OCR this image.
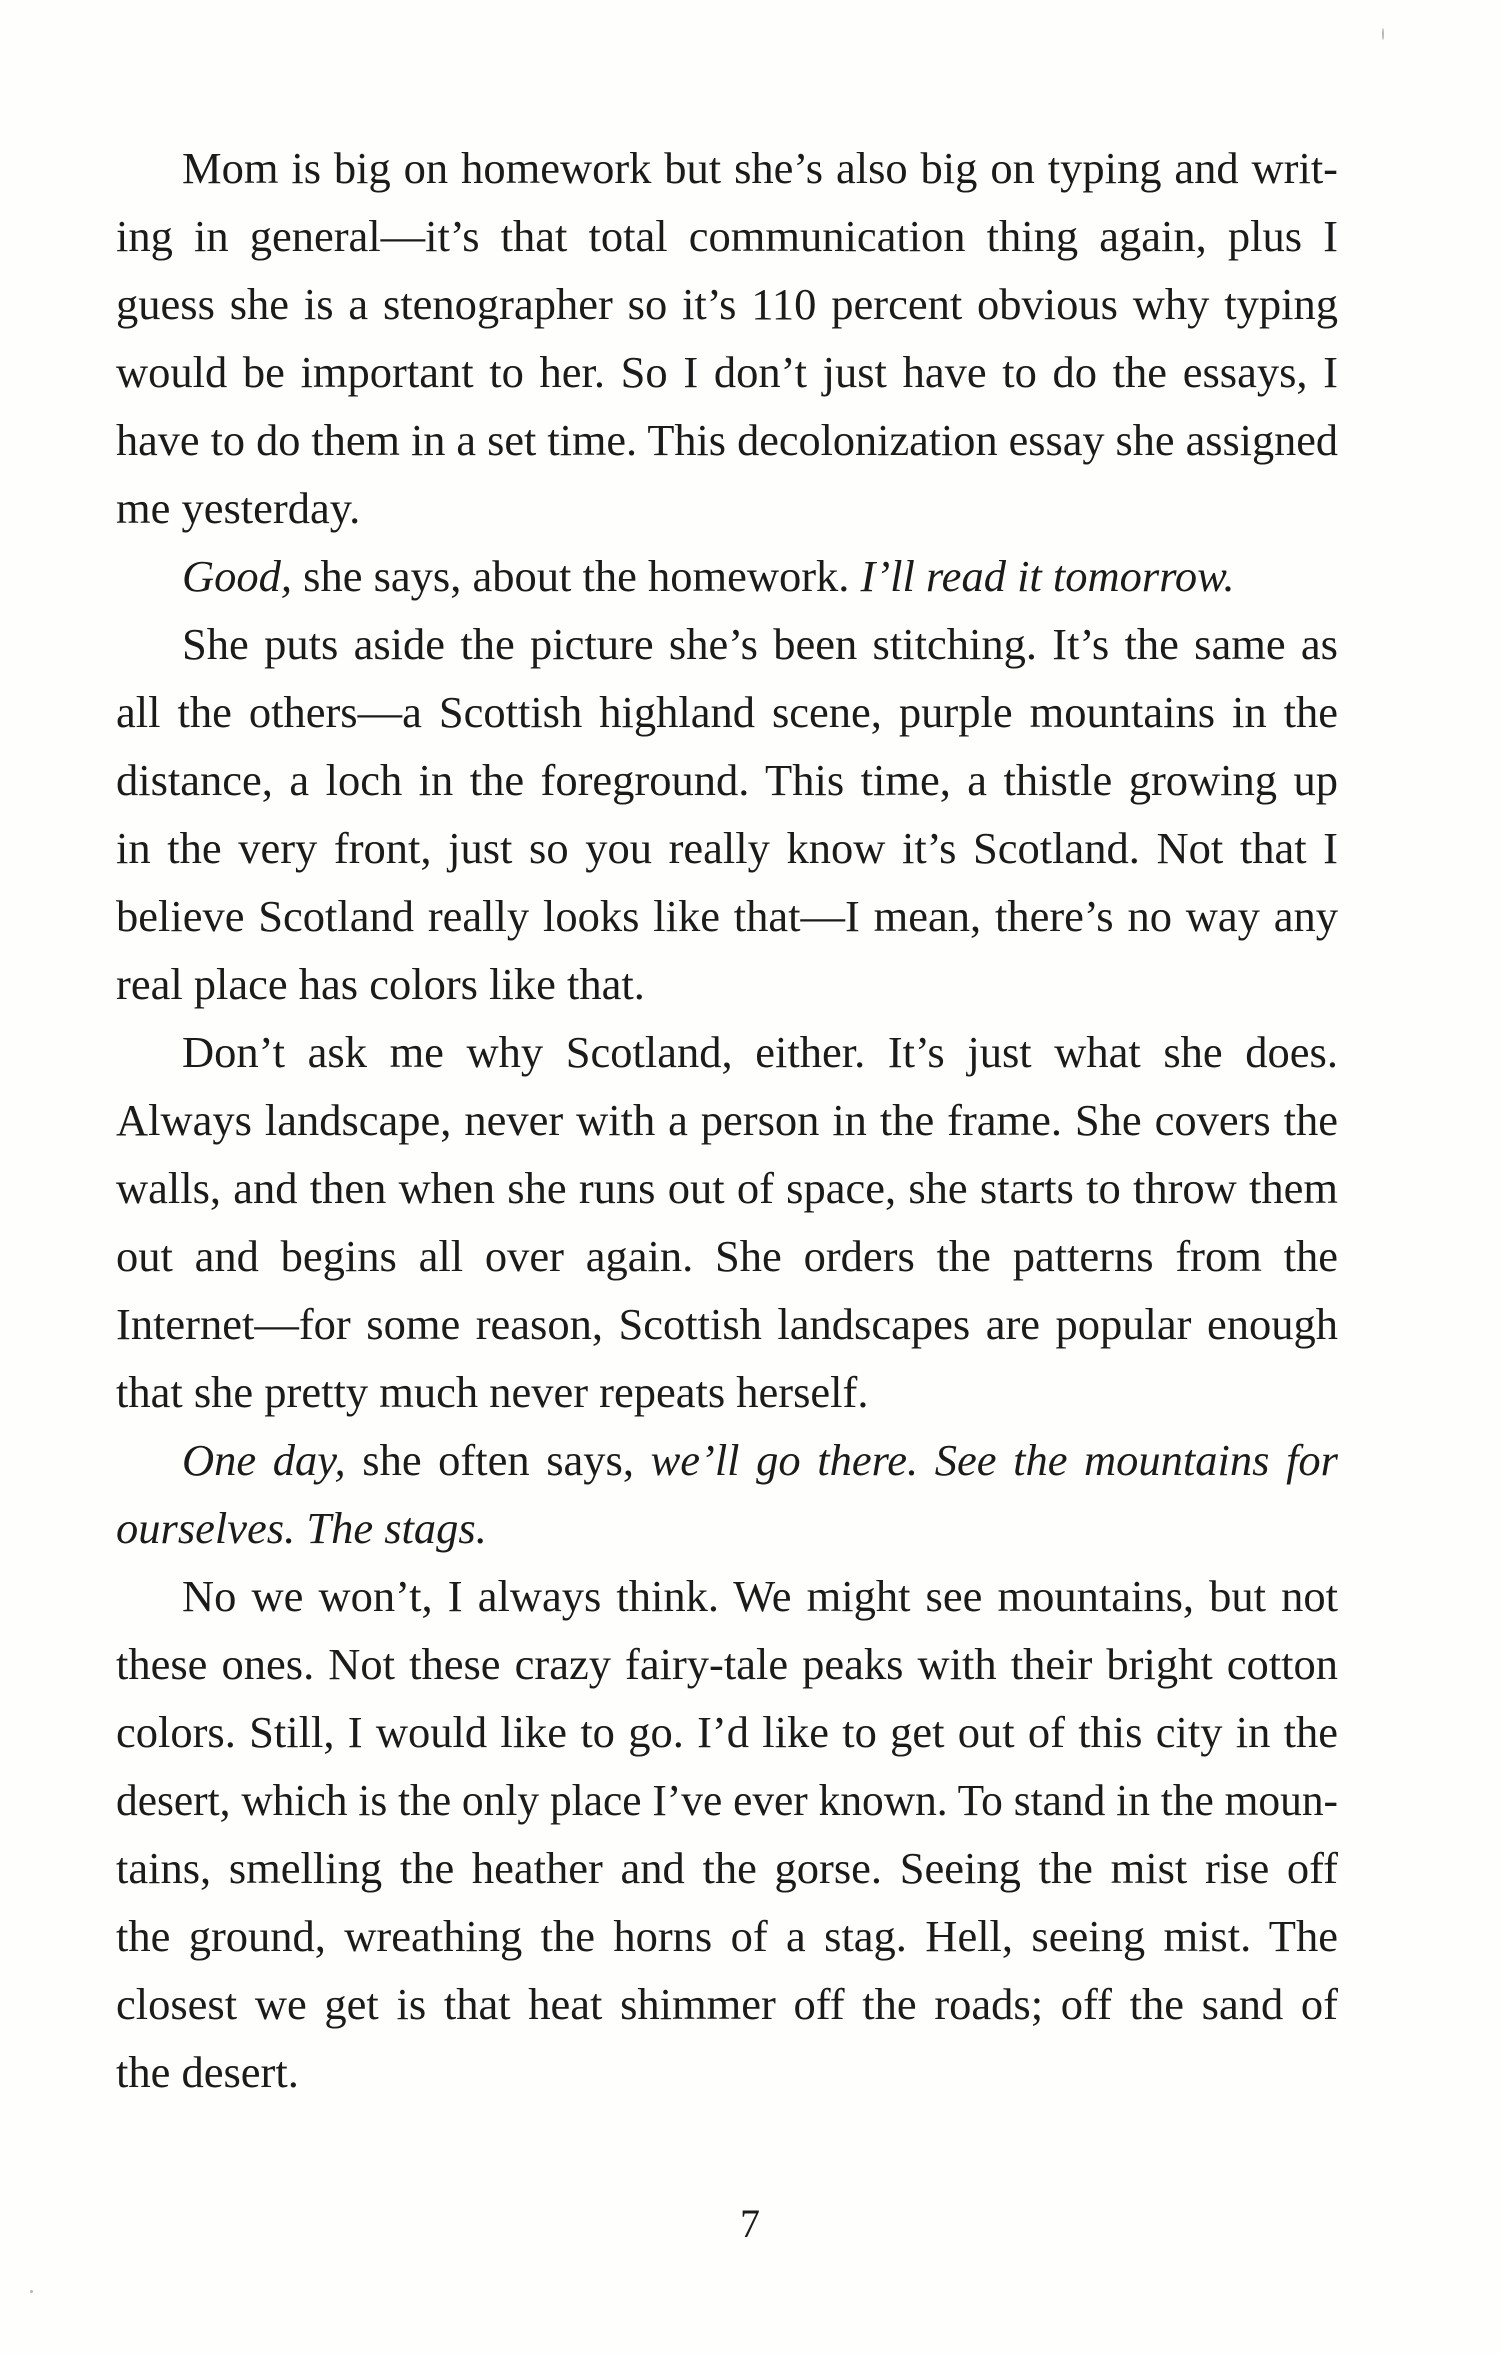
Mom is big on homework but she’s also big on typing and writ-
ing in general—it’s that total communication thing again, plus I
guess she is a stenographer so it’s 110 percent obvious why typing
would be important to her. So I don’t just have to do the essays, I
have to do them in a set time. This decolonization essay she assigned
me yesterday.
Good, she says, about the homework. I’ll read it tomorrow.
She puts aside the picture she’s been stitching. It’s the same as
all the others—a Scottish highland scene, purple mountains in the
distance, a loch in the foreground. This time, a thistle growing up
in the very front, just so you really know it’s Scotland. Not that I
believe Scotland really looks like that—I mean, there’s no way any
real place has colors like that.
Don’t ask me why Scotland, either. It’s just what she does.
Always landscape, never with a person in the frame. She covers the
walls, and then when she runs out of space, she starts to throw them
out and begins all over again. She orders the patterns from the
Internet—for some reason, Scottish landscapes are popular enough
that she pretty much never repeats herself.
One day, she often says, we’ll go there. See the mountains for
ourselves. The stags.
No we won’t, I always think. We might see mountains, but not
these ones. Not these crazy fairy-tale peaks with their bright cotton
colors. Still, I would like to go. I’d like to get out of this city in the
desert, which is the only place I’ve ever known. To stand in the moun-
tains, smelling the heather and the gorse. Seeing the mist rise off
the ground, wreathing the horns of a stag. Hell, seeing mist. The
closest we get is that heat shimmer off the roads; off the sand of
the desert.
7
